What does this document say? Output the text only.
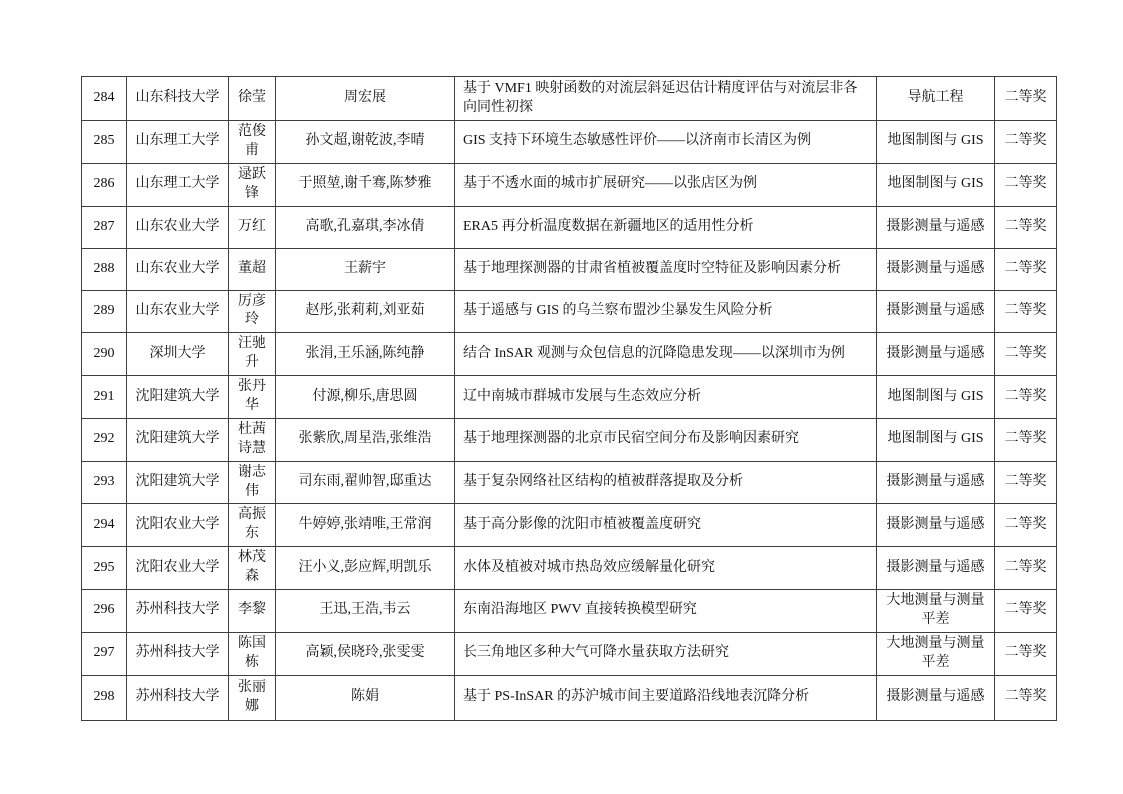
284	山东科技大学	徐莹	周宏展	基于 VMF1 映射函数的对流层斜延迟估计精度评估与对流层非各向同性初探	导航工程	二等奖
285	山东理工大学	范俊甫	孙文超,谢乾波,李晴	GIS 支持下环境生态敏感性评价——以济南市长清区为例	地图制图与 GIS	二等奖
286	山东理工大学	逯跃锋	于照堃,谢千骞,陈梦雅	基于不透水面的城市扩展研究——以张店区为例	地图制图与 GIS	二等奖
287	山东农业大学	万红	高歌,孔嘉琪,李冰倩	ERA5 再分析温度数据在新疆地区的适用性分析	摄影测量与遥感	二等奖
288	山东农业大学	董超	王薪宇	基于地理探测器的甘肃省植被覆盖度时空特征及影响因素分析	摄影测量与遥感	二等奖
289	山东农业大学	厉彦玲	赵彤,张莉莉,刘亚茹	基于遥感与 GIS 的乌兰察布盟沙尘暴发生风险分析	摄影测量与遥感	二等奖
290	深圳大学	汪驰升	张涓,王乐涵,陈纯静	结合 InSAR 观测与众包信息的沉降隐患发现——以深圳市为例	摄影测量与遥感	二等奖
291	沈阳建筑大学	张丹华	付源,柳乐,唐思圆	辽中南城市群城市发展与生态效应分析	地图制图与 GIS	二等奖
292	沈阳建筑大学	杜茜诗慧	张紫欣,周星浩,张维浩	基于地理探测器的北京市民宿空间分布及影响因素研究	地图制图与 GIS	二等奖
293	沈阳建筑大学	谢志伟	司东雨,翟帅智,邸重达	基于复杂网络社区结构的植被群落提取及分析	摄影测量与遥感	二等奖
294	沈阳农业大学	高振东	牛婷婷,张靖唯,王常润	基于高分影像的沈阳市植被覆盖度研究	摄影测量与遥感	二等奖
295	沈阳农业大学	林茂森	汪小义,彭应辉,明凯乐	水体及植被对城市热岛效应缓解量化研究	摄影测量与遥感	二等奖
296	苏州科技大学	李黎	王迅,王浩,韦云	东南沿海地区 PWV 直接转换模型研究	大地测量与测量平差	二等奖
297	苏州科技大学	陈国栋	高颖,侯晓玲,张雯雯	长三角地区多种大气可降水量获取方法研究	大地测量与测量平差	二等奖
298	苏州科技大学	张丽娜	陈娟	基于 PS-InSAR 的苏沪城市间主要道路沿线地表沉降分析	摄影测量与遥感	二等奖
